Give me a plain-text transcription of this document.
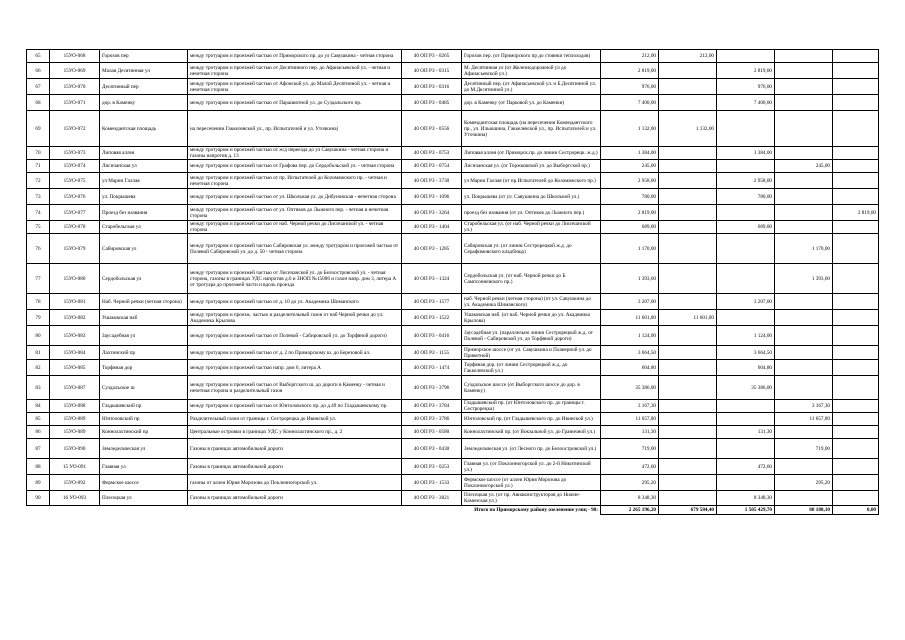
65	15УО-068	Горохов пер	между тротуаром и проезжей частью от Приморского пр. до ул Савушкина - четная сторона	40 ОП РЗ - 0265	Горохов пер. (от Приморского пр до стоянки теплоходов)	212,00	212,00			
66	15УО-069	Малая Десятинная ул	между тротуаром и проезжей частью от Десятинного пер. до Афанасьевской ул. - четная и нечетная сторона	40 ОП РЗ - 0315	М. Десятинная ул (от Железнодорожной ул до Афанасьевской ул.)	2 819,00		2 819,00		
67	15УО-070	Десятинный пер	между тротуаром и проезжей частью от Афонской ул. до Малой Десятинной ул. - четная и нечетная сторона	40 ОП РЗ - 0316	Десятинный пер. (от Афанасьевской ул. и Б.Десятинной ул. до М.Десятинной ул.)	976,00		976,00		
68	15УО-071	дор. в Каменку	между тротуаром и проезжей частью от Парашютной ул. до Суздальского пр.	40 ОП РЗ - 0485	дор. в Каменку (от Парковой ул. до Каменки)	7 400,00		7 400,00		
69	15УО-072	Комендантская площадь	на пересечении Гаккелевской ул., пр. Испытателей и ул. Уточкина)	40 ОП РЗ - 0556	Комендантская площадь (на пересечении Комендантского пр., ул. Ильюшина, Гаккелевской ул., пр. Испытателей и ул. Уточкина)	1 132,00	1 132,00			
70	15УО-073	Липовая аллея	между тротуаром и проезжей частью от ж/д переезда до ул Савушкина - четная сторона и газоны напротив д. 13	40 ОП РЗ - 0753	Липовая аллея (от Приморск.пр. до линии Сестрорецк. ж.д.)	1 384,00		1 384,00		
71	15УО-074	Лисичанская ул	между тротуаром и проезжей частью от Графова пер. до Сердобольской ул. - четная сторона	40 ОП РЗ - 0754	Лисичанская ул. (от Торжковской ул. до Выборгской пр.)	245,00			245,00	
72	15УО-075	ул Марии Галлая	между тротуаром и проезжей частью от пр. Испытателей до Коломяжского пр. - четная и нечетная сторона	40 ОП РЗ - 3730	ул Марии Галлая (от пр.Испытателей до Коломяжского пр.)	2 958,00		2 958,00		
73	15УО-076	ул. Покрышева	между тротуаром и проезжей частью от ул. Школьная ул. до Дибуновская - нечетная сторона	40 ОП РЗ - 1096	ул. Покрышева (от ул. Савушкина до Школьной ул.)	780,00		780,00		
74	15УО-077	Проезд без названия	между тротуаром и проезжей частью от ул. Оптиков до Лыжного пер. - четная и нечетная сторона	40 ОП РЗ - 3264	проезд без названия (от ул. Оптиков до Лыжного пер.)	2 819,00				2 819,00
75	15УО-078	Старобельская ул	между тротуаром и проезжей частью от наб. Черной речки до Лисичанской ул. - четная сторона	40 ОП РЗ - 1404	Старобельская ул. (от наб. Черной речки до Лисичанской ул.)	689,00		689,00		
76	15УО-079	Сабировская ул	между тротуаром и проезжей частью Сабировская ул. между тротуаром и проезжей частью от Полевой Сабировской ул. до д. 50 - четная сторона	40 ОП РЗ - 1285	Сабировская ул. (от линии Сестрорецкой ж.д. до Серафимовского кладбища)	1 170,00			1 170,00	
77	15УО-080	Сердобольская ул	между тротуаром и проезжей частью от Лисичанской ул. до Белоостровской ул. - четная сторона, газоны в границах УДС напротив д.6 и ЗНОП №15006 и газон напр. дом 3, литера А от тротуара до проезжей части и вдоль проезда	40 ОП РЗ - 1324	Сердобольская ул. (от наб. Черной речки до Б. Сампсониевского пр.)	1 393,60			1 393,60	
78	15УО-081	Наб. Черной речки (четная сторона)	между тротуаром и проезжей частью от д. 10 до ул. Академика Шиманского	40 ОП РЗ - 1577	наб. Черной речки (четная сторона) (от ул. Савушкина до ул. Академика Шиманского)	3 207,00		3 207,00		
79	15УО-082	Ушаковская наб	между тротуаром и проезж. частью и разделительный газон от наб Черной речки до ул. Академика Крылова	40 ОП РЗ - 1522	Ушаковская наб. (от наб. Черной речки до ул. Академика Крылова)	11 601,00	11 601,00			
80	15УО-083	Заусадебная ул	между тротуаром и проезжей частью от Полевой - Сабировской ул. до Торфяной дороги)	40 ОП РЗ - 0416	Заусадебная ул. (параллельно линии Сестрорецкой ж.д. от Полевой - Сабировской ул. до Торфяной дороги)	1 124,00		1 124,00		
81	15УО-084	Лахтинский пр	между тротуаром и проезжей частью от д. 2 по Приморскому ш. до Березовой ал.	40 ОП РЗ - 1155	Приморское шоссе (от ул. Савушкина и Планерной ул. до Приветной)	3 664,50		3 664,50		
82	15УО-085	Торфяная дор	между тротуаром и проезжей частью напр. дом 6, литера А	40 ОП РЗ - 1474	Торфяная дор. (от линии Сестрорецкой ж.д. до Гаккелевской ул.)	604,80		604,80		
83	15УО-087	Суздальское ш	между тротуаром и проезжей частью от Выборгского ш. до дороги в Каменку - четная и нечетная сторона и разделительный газон	40 ОП РЗ - 3796	Суздальское шоссе (от Выборгского шоссе до дор. в Каменку)	35 386,00		35 386,00		
84	15УО-088	Гладышевский пр	между тротуаром и проезжей частью от Юнтоловского пр. до д.49 по Гладышевскому пр.	40 ОП РЗ - 3784	Гладышевский пр. (от Юнтоловского пр. до границы г. Сестрорецка)	3 167,30			3 167,30	
85	15УО-089	Юнтоловский пр	Разделительный газон от границы г. Сестрорецка до Ивинской ул.	40 ОП РЗ - 3786	Юнтоловский пр. (от Гладышевского пр. до Ивинской ул.)	11 657,00			11 657,00	
86	15УО-089	Коннолахтинский пр	Центральные островки в границах УДС у Коннолахтинского пр., д. 2	40 ОП РЗ - 0580	Коннолахтинский пр. (от Вокзальной ул. до Граничной ул.)	131,30		131,30		
87	15УО-090	Земледельческая ул	Газоны в границах автомобильной дороги	40 ОП РЗ - 0430	Земледельческая ул. (от Лесного пр. до Белоостровской ул.)	719,00			719,00	
88	15 УО-091	Главная ул	Газоны в границах автомобильной дороги	40 ОП РЗ - 0253	Главная ул. (от Поклонногорской ул. до 2-й Никитинской ул.)	472,60		472,60		
89	15УО-092	Фермское шоссе	газоны от аллеи Юрия Морозова до Поклонногорской ул.	40 ОП РЗ - 1533	Фермское шоссе (от аллеи Юрия Морозова до Поклонногорской ул.)	295,20			295,20	
90	16 УО-093	Плесецкая ул	Газоны в границах автомобильной дороги	40 ОП РЗ - 3821	Плесецкая ул. (от пр. Авиаконструкторов до Нижне-Каменская ул.)	8 348,30		8 348,30		
Итого по Приморскому району озеленение улиц - 90:						2 265 196,20	679 584,40	1 505 429,70	80 180,10	0,00
